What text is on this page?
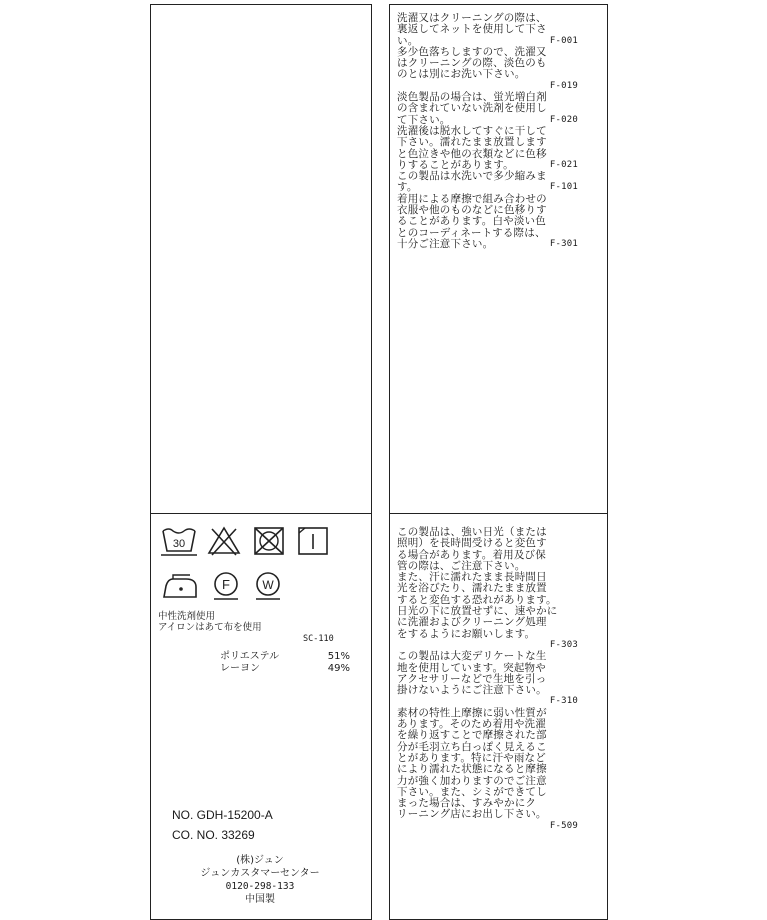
30
F	W
中性洗剤使用
アイロンはあて布を使用
SC-110
ポリエステル	51%
レーヨン	49%
NO. GDH-15200-A
CO. NO. 33269
(株)ジュン
ジュンカスタマーセンター
0120-298-133
中国製
洗濯又はクリーニングの際は、
裏返してネットを使用して下さ
い。	F-001
多少色落ちしますので、洗濯又
はクリーニングの際、淡色のも
のとは別にお洗い下さい。
F-019
淡色製品の場合は、蛍光増白剤
の含まれていない洗剤を使用し
て下さい。	F-020
洗濯後は脱水してすぐに干して
下さい。濡れたまま放置します
と色泣きや他の衣類などに色移
りすることがあります。	F-021
この製品は水洗いで多少縮みま
す。	F-101
着用による摩擦で組み合わせの
衣服や他のものなどに色移りす
ることがあります。白や淡い色
とのコーディネートする際は、
十分ご注意下さい。	F-301
この製品は、強い日光（または
照明）を長時間受けると変色す
る場合があります。着用及び保
管の際は、ご注意下さい。
また、汗に濡れたまま長時間日
光を浴びたり、濡れたまま放置
すると変色する恐れがあります。
日光の下に放置せずに、速やかに
に洗濯およびクリーニング処理
をするようにお願いします。
F-303
この製品は大変デリケートな生
地を使用しています。突起物や
アクセサリーなどで生地を引っ
掛けないようにご注意下さい。
F-310
素材の特性上摩擦に弱い性質が
あります。そのため着用や洗濯
を繰り返すことで摩擦された部
分が毛羽立ち白っぽく見えるこ
とがあります。特に汗や雨など
により濡れた状態になると摩擦
力が強く加わりますのでご注意
下さい。また、シミができてし
まった場合は、すみやかにク
リーニング店にお出し下さい。
F-509
